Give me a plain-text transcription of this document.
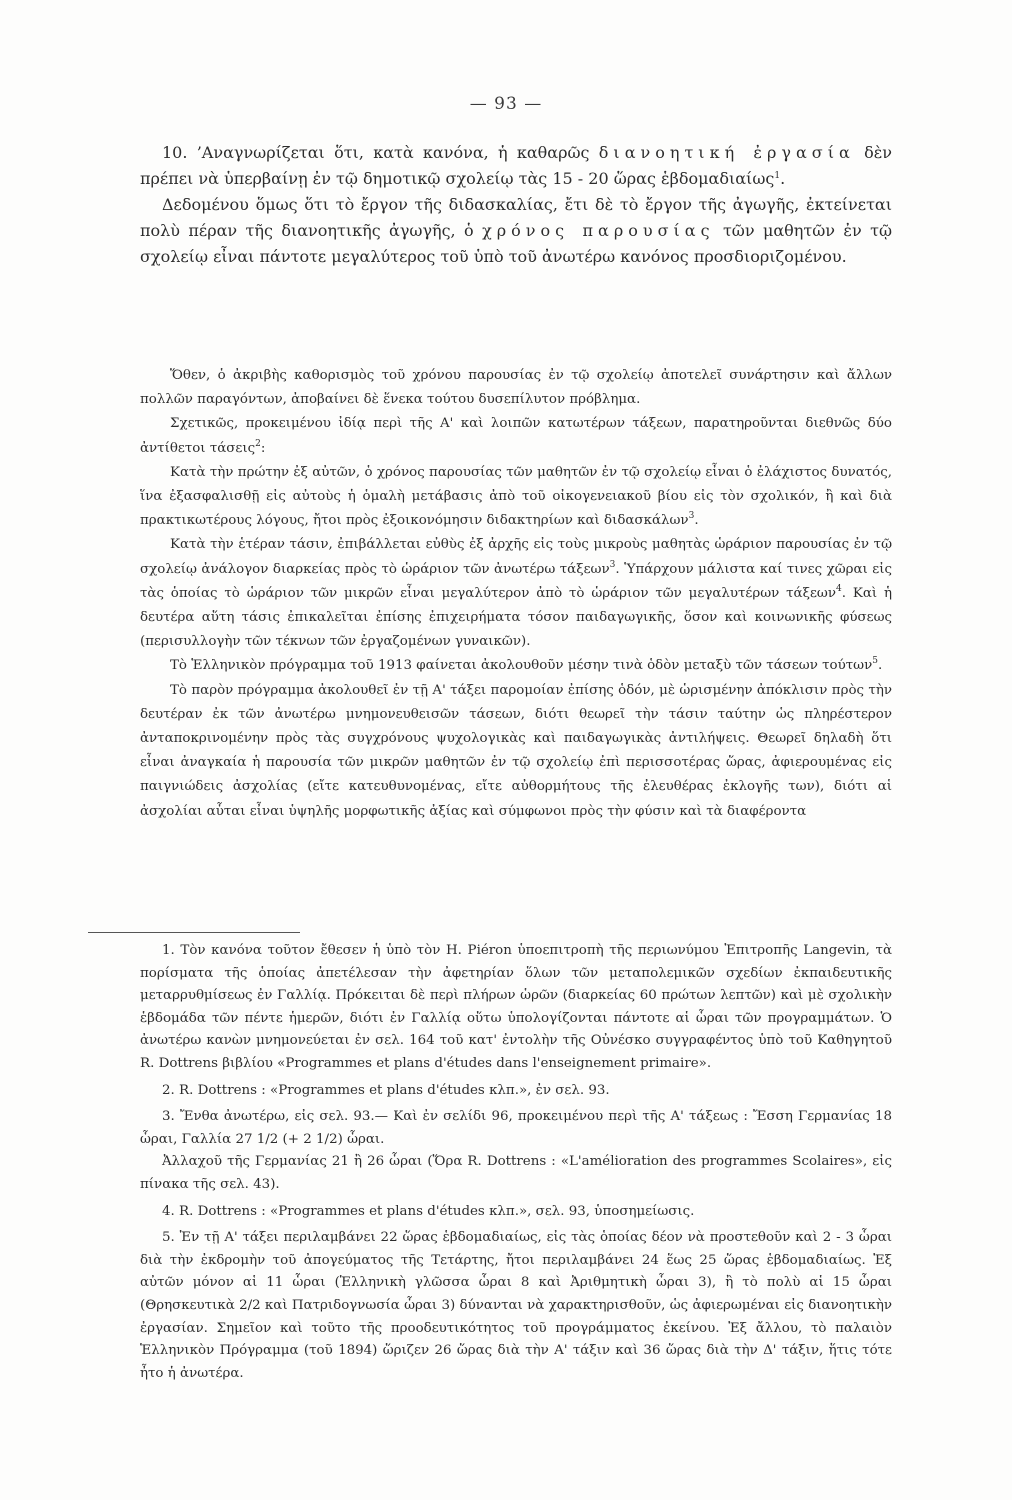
— 93 —

10. ’Αναγνωρίζεται ὅτι, κατὰ κανόνα, ἡ καθαρῶς διανοητική ἐργασία δὲν πρέπει νὰ ὑπερβαίνῃ ἐν τῷ δημοτικῷ σχολείῳ τὰς 15 - 20 ὥρας ἑβδομαδιαίως$^1$.

Δεδομένου ὅμως ὅτι τὸ ἔργον τῆς διδασκαλίας, ἔτι δὲ τὸ ἔργον τῆς ἀγωγῆς, ἐκτείνεται πολὺ πέραν τῆς διανοητικῆς ἀγωγῆς, ὁ χρόνος παρουσίας τῶν μαθητῶν ἐν τῷ σχολείῳ εἶναι πάντοτε μεγαλύτερος τοῦ ὑπὸ τοῦ ἀνωτέρω κανόνος προσδιοριζομένου.

Ὅθεν, ὁ ἀκριβὴς καθορισμὸς τοῦ χρόνου παρουσίας ἐν τῷ σχολείῳ ἀποτελεῖ συνάρτησιν καὶ ἄλλων πολλῶν παραγόντων, ἀποβαίνει δὲ ἕνεκα τούτου δυσεπίλυτον πρόβλημα.

Σχετικῶς, προκειμένου ἰδίᾳ περὶ τῆς Α' καὶ λοιπῶν κατωτέρων τάξεων, παρατηροῦνται διεθνῶς δύο ἀντίθετοι τάσεις$^2$:

Κατὰ τὴν πρώτην ἐξ αὐτῶν, ὁ χρόνος παρουσίας τῶν μαθητῶν ἐν τῷ σχολείῳ εἶναι ὁ ἐλάχιστος δυνατός, ἵνα ἐξασφαλισθῇ εἰς αὐτοὺς ἡ ὁμαλὴ μετάβασις ἀπὸ τοῦ οἰκογενειακοῦ βίου εἰς τὸν σχολικόν, ἢ καὶ διὰ πρακτικωτέρους λόγους, ἤτοι πρὸς ἐξοικονόμησιν διδακτηρίων καὶ διδασκάλων$^3$.

Κατὰ τὴν ἑτέραν τάσιν, ἐπιβάλλεται εὐθὺς ἐξ ἀρχῆς εἰς τοὺς μικροὺς μαθητὰς ὡράριον παρουσίας ἐν τῷ σχολείῳ ἀνάλογον διαρκείας πρὸς τὸ ὡράριον τῶν ἀνωτέρω τάξεων$^3$. Ὑπάρχουν μάλιστα καί τινες χῶραι εἰς τὰς ὁποίας τὸ ὡράριον τῶν μικρῶν εἶναι μεγαλύτερον ἀπὸ τὸ ὡράριον τῶν μεγαλυτέρων τάξεων$^4$. Καὶ ἡ δευτέρα αὕτη τάσις ἐπικαλεῖται ἐπίσης ἐπιχειρήματα τόσον παιδαγωγικῆς, ὅσον καὶ κοινωνικῆς φύσεως (περισυλλογὴν τῶν τέκνων τῶν ἐργαζομένων γυναικῶν).

Τὸ Ἑλληνικὸν πρόγραμμα τοῦ 1913 φαίνεται ἀκολουθοῦν μέσην τινὰ ὁδὸν μεταξὺ τῶν τάσεων τούτων$^5$.

Τὸ παρὸν πρόγραμμα ἀκολουθεῖ ἐν τῇ Α' τάξει παρομοίαν ἐπίσης ὁδόν, μὲ ὡρισμένην ἀπόκλισιν πρὸς τὴν δευτέραν ἐκ τῶν ἀνωτέρω μνημονευθεισῶν τάσεων, διότι θεωρεῖ τὴν τάσιν ταύτην ὡς πληρέστερον ἀνταποκρινομένην πρὸς τὰς συγχρόνους ψυχολογικὰς καὶ παιδαγωγικὰς ἀντιλήψεις. Θεωρεῖ δηλαδὴ ὅτι εἶναι ἀναγκαία ἡ παρουσία τῶν μικρῶν μαθητῶν ἐν τῷ σχολείῳ ἐπὶ περισσοτέρας ὥρας, ἀφιερουμένας εἰς παιγνιώδεις ἀσχολίας (εἴτε κατευθυνομένας, εἴτε αὐθορμήτους τῆς ἐλευθέρας ἐκλογῆς των), διότι αἱ ἀσχολίαι αὗται εἶναι ὑψηλῆς μορφωτικῆς ἀξίας καὶ σύμφωνοι πρὸς τὴν φύσιν καὶ τὰ διαφέροντα

1. Τὸν κανόνα τοῦτον ἔθεσεν ἡ ὑπὸ τὸν H. Piéron ὑποεπιτροπὴ τῆς περιωνύμου Ἐπιτροπῆς Langevin, τὰ πορίσματα τῆς ὁποίας ἀπετέλεσαν τὴν ἀφετηρίαν ὅλων τῶν μεταπολεμικῶν σχεδίων ἐκπαιδευτικῆς μεταρρυθμίσεως ἐν Γαλλίᾳ. Πρόκειται δὲ περὶ πλήρων ὡρῶν (διαρκείας 60 πρώτων λεπτῶν) καὶ μὲ σχολικὴν ἑβδομάδα τῶν πέντε ἡμερῶν, διότι ἐν Γαλλίᾳ οὕτω ὑπολογίζονται πάντοτε αἱ ὧραι τῶν προγραμμάτων. Ὁ ἀνωτέρω κανὼν μνημονεύεται ἐν σελ. 164 τοῦ κατ' ἐντολὴν τῆς Οὐνέσκο συγγραφέντος ὑπὸ τοῦ Καθηγητοῦ R. Dottrens βιβλίου «Programmes et plans d'études dans l'enseignement primaire».

2. R. Dottrens : «Programmes et plans d'études κλπ.», ἐν σελ. 93.

3. Ἔνθα ἀνωτέρω, εἰς σελ. 93.— Καὶ ἐν σελίδι 96, προκειμένου περὶ τῆς Α' τάξεως : Ἔσση Γερμανίας 18 ὧραι, Γαλλία 27 1/2 (+ 2 1/2) ὧραι.

Ἀλλαχοῦ τῆς Γερμανίας 21 ἢ 26 ὧραι (Ὅρα R. Dottrens : «L'amélioration des programmes Scolaires», εἰς πίνακα τῆς σελ. 43).

4. R. Dottrens : «Programmes et plans d'études κλπ.», σελ. 93, ὑποσημείωσις.

5. Ἐν τῇ Α' τάξει περιλαμβάνει 22 ὥρας ἑβδομαδιαίως, εἰς τὰς ὁποίας δέον νὰ προστεθοῦν καὶ 2 - 3 ὧραι διὰ τὴν ἐκδρομὴν τοῦ ἀπογεύματος τῆς Τετάρτης, ἤτοι περιλαμβάνει 24 ἕως 25 ὥρας ἑβδομαδιαίως. Ἐξ αὐτῶν μόνον αἱ 11 ὧραι (Ἑλληνικὴ γλῶσσα ὧραι 8 καὶ Ἀριθμητικὴ ὧραι 3), ἢ τὸ πολὺ αἱ 15 ὧραι (Θρησκευτικὰ 2/2 καὶ Πατριδογνωσία ὧραι 3) δύνανται νὰ χαρακτηρισθοῦν, ὡς ἀφιερωμέναι εἰς διανοητικὴν ἐργασίαν. Σημεῖον καὶ τοῦτο τῆς προοδευτικότητος τοῦ προγράμματος ἐκείνου. Ἐξ ἄλλου, τὸ παλαιὸν Ἑλληνικὸν Πρόγραμμα (τοῦ 1894) ὥριζεν 26 ὥρας διὰ τὴν Α' τάξιν καὶ 36 ὥρας διὰ τὴν Δ' τάξιν, ἥτις τότε ἦτο ἡ ἀνωτέρα.
